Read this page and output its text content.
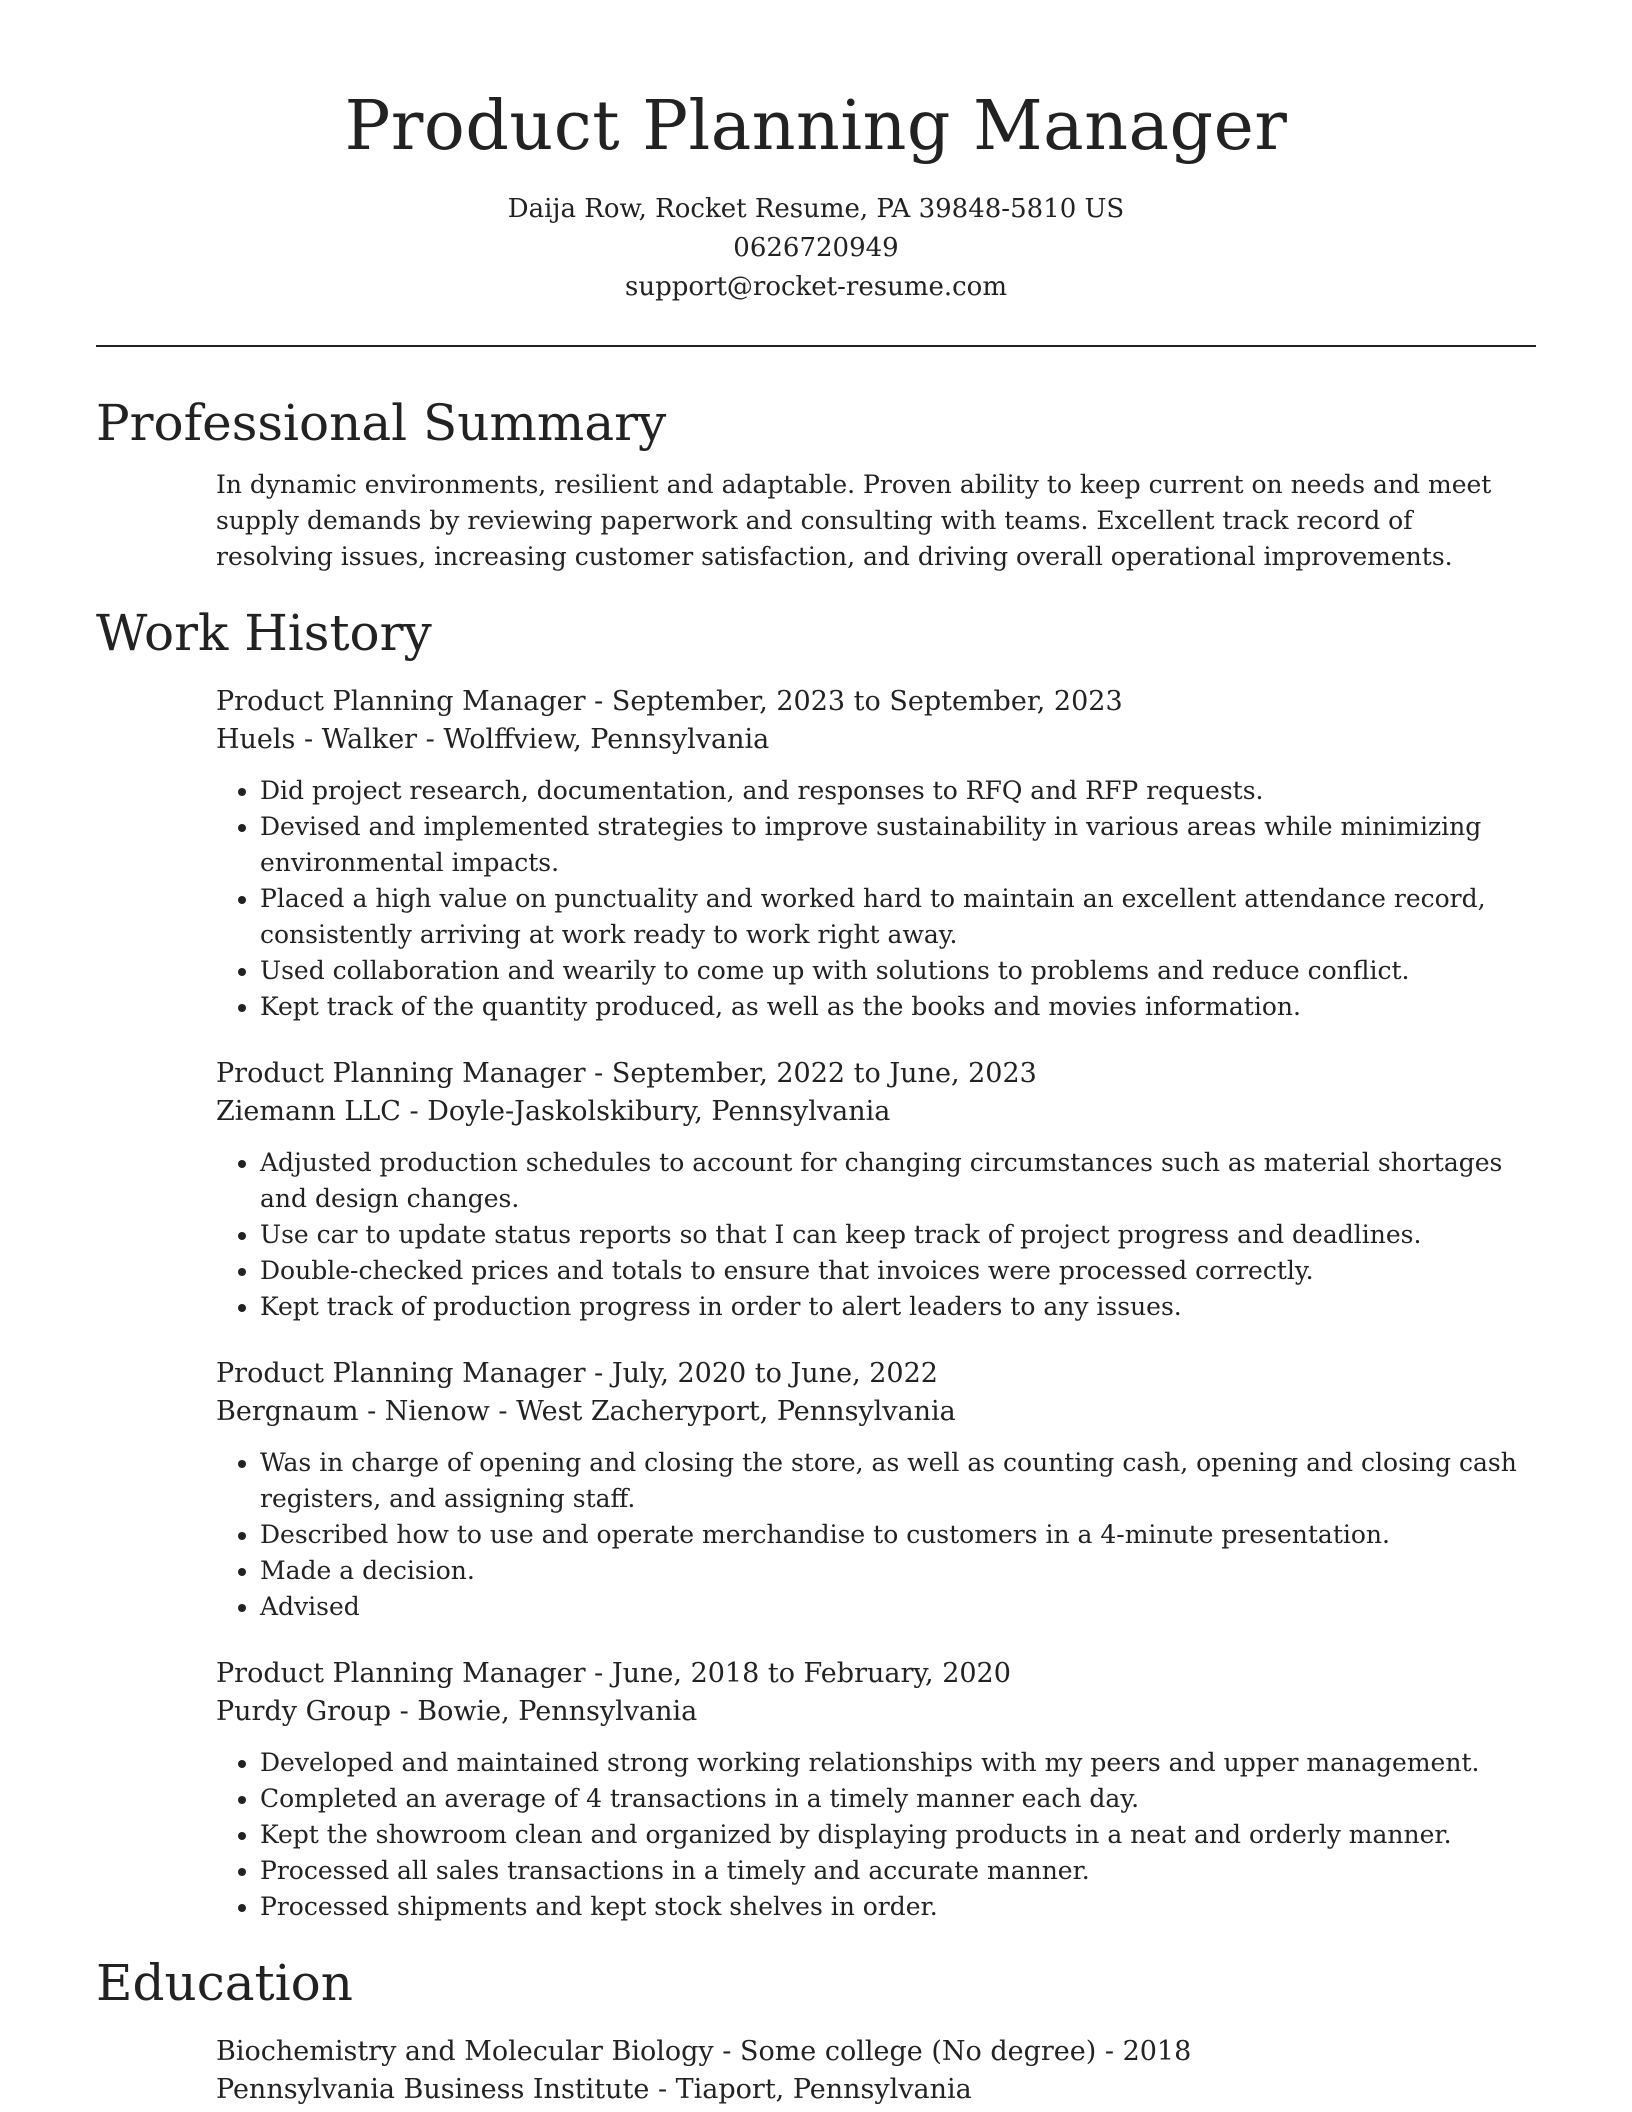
Product Planning Manager
Daija Row, Rocket Resume, PA 39848-5810 US
0626720949
support@rocket-resume.com
Professional Summary

In dynamic environments, resilient and adaptable. Proven ability to keep current on needs and meet supply demands by reviewing paperwork and consulting with teams. Excellent track record of resolving issues, increasing customer satisfaction, and driving overall operational improvements.

Work History
Product Planning Manager - September, 2023 to September, 2023
Huels - Walker - Wolffview, Pennsylvania
• Did project research, documentation, and responses to RFQ and RFP requests.
• Devised and implemented strategies to improve sustainability in various areas while minimizing environmental impacts.
• Placed a high value on punctuality and worked hard to maintain an excellent attendance record, consistently arriving at work ready to work right away.
• Used collaboration and wearily to come up with solutions to problems and reduce conflict.
• Kept track of the quantity produced, as well as the books and movies information.
Product Planning Manager - September, 2022 to June, 2023
Ziemann LLC - Doyle-Jaskolskibury, Pennsylvania
• Adjusted production schedules to account for changing circumstances such as material shortages and design changes.
• Use car to update status reports so that I can keep track of project progress and deadlines.
• Double-checked prices and totals to ensure that invoices were processed correctly.
• Kept track of production progress in order to alert leaders to any issues.
Product Planning Manager - July, 2020 to June, 2022
Bergnaum - Nienow - West Zacheryport, Pennsylvania
• Was in charge of opening and closing the store, as well as counting cash, opening and closing cash registers, and assigning staff.
• Described how to use and operate merchandise to customers in a 4-minute presentation.
• Made a decision.
• Advised
Product Planning Manager - June, 2018 to February, 2020
Purdy Group - Bowie, Pennsylvania
• Developed and maintained strong working relationships with my peers and upper management.
• Completed an average of 4 transactions in a timely manner each day.
• Kept the showroom clean and organized by displaying products in a neat and orderly manner.
• Processed all sales transactions in a timely and accurate manner.
• Processed shipments and kept stock shelves in order.
Education
Biochemistry and Molecular Biology - Some college (No degree) - 2018
Pennsylvania Business Institute - Tiaport, Pennsylvania
